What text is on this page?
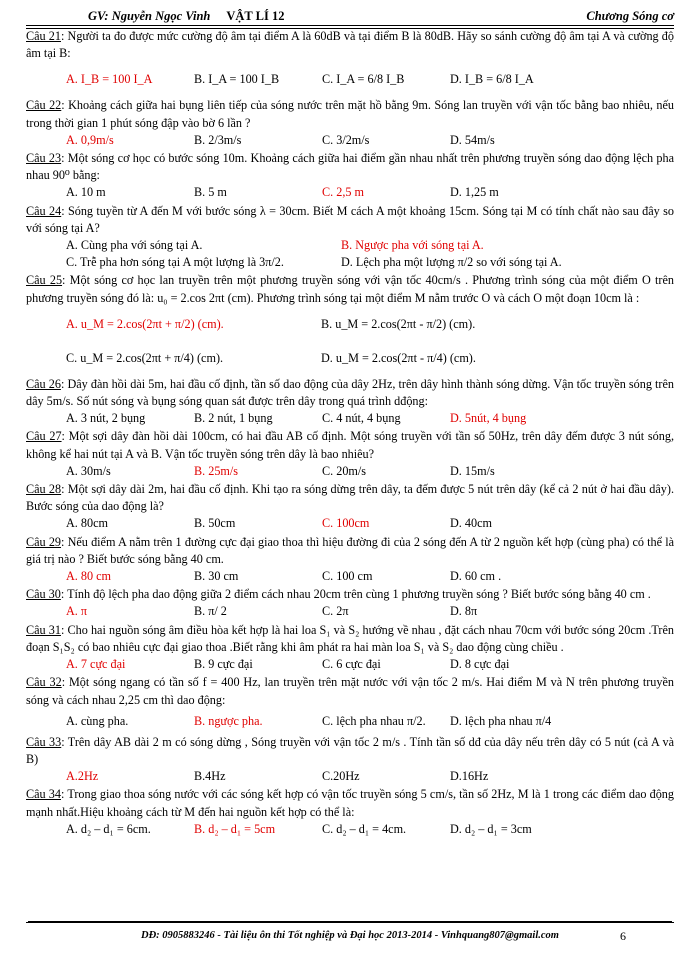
GV: Nguyễn Ngọc Vinh VẬT LÍ 12	Chương Sóng cơ
Câu 21: Người ta đo được mức cường độ âm tại điểm A là 60dB và tại điểm B là 80dB. Hãy so sánh cường độ âm tại A và cường độ âm tại B:
A. I_B = 100 I_A	B. I_A = 100 I_B	C. I_A = 6/8 I_B	D. I_B = 6/8 I_A
Câu 22: Khoảng cách giữa hai bụng liên tiếp của sóng nước trên mặt hồ bằng 9m. Sóng lan truyền với vận tốc bằng bao nhiêu, nếu trong thời gian 1 phút sóng đập vào bờ 6 lần ?
A. 0,9m/s	B. 2/3m/s	C. 3/2m/s	D. 54m/s
Câu 23: Một sóng cơ học có bước sóng 10m. Khoảng cách giữa hai điểm gần nhau nhất trên phương truyền sóng dao động lệch pha nhau 90⁰ bằng:
A. 10 m	B. 5 m	C. 2,5 m	D. 1,25 m
Câu 24: Sóng tuyền từ A đến M với bước sóng λ = 30cm. Biết M cách A một khoảng 15cm. Sóng tại M có tính chất nào sau đây so với sóng tại A?
A. Cùng pha với sóng tại A.	B. Ngược pha với sóng tại A.
C. Trễ pha hơn sóng tại A một lượng là 3π/2.	D. Lệch pha một lượng π/2 so với sóng tại A.
Câu 25: Một sóng cơ học lan truyền trên một phương truyền sóng với vận tốc 40cm/s . Phương trình sóng của một điểm O trên phương truyền sóng đó là: u₀ = 2.cos 2πt (cm). Phương trình sóng tại một điểm M nằm trước O và cách O một đoạn 10cm là :
A. u_M = 2.cos(2πt + π/2) (cm).	B. u_M = 2.cos(2πt - π/2) (cm).
C. u_M = 2.cos(2πt + π/4) (cm).	D. u_M = 2.cos(2πt - π/4) (cm).
Câu 26: Dây đàn hồi dài 5m, hai đầu cố định, tần số dao động của dây 2Hz, trên dây hình thành sóng dừng. Vận tốc truyền sóng trên dây 5m/s. Số nút sóng và bụng sóng quan sát được trên dây trong quá trình dđộng:
A. 3 nút, 2 bụng	B. 2 nút, 1 bụng	C. 4 nút, 4 bụng	D. 5nút, 4 bụng
Câu 27: Một sợi dây đàn hồi dài 100cm, có hai đầu AB cố định. Một sóng truyền với tần số 50Hz, trên dây đếm được 3 nút sóng, không kể hai nút tại A và B. Vận tốc truyền sóng trên dây là bao nhiêu?
A. 30m/s	B. 25m/s	C. 20m/s	D. 15m/s
Câu 28: Một sợi dây dài 2m, hai đầu cố định. Khi tạo ra sóng dừng trên dây, ta đếm được 5 nút trên dây (kể cả 2 nút ở hai đầu dây). Bước sóng của dao động là?
A. 80cm	B. 50cm	C. 100cm	D. 40cm
Câu 29: Nếu điểm A nằm trên 1 đường cực đại giao thoa thì hiệu đường đi của 2 sóng đến A từ 2 nguồn kết hợp (cùng pha) có thể là giá trị nào ? Biết bước sóng bằng 40 cm.
A. 80 cm	B. 30 cm	C. 100 cm	D. 60 cm .
Câu 30: Tính độ lệch pha dao động giữa 2 điểm cách nhau 20cm trên cùng 1 phương truyền sóng ? Biết bước sóng bằng 40 cm .
A. π	B. π/ 2	C. 2π	D. 8π
Câu 31: Cho hai nguồn sóng âm điều hòa kết hợp là hai loa S₁ và S₂ hướng về nhau , đặt cách nhau 70cm với bước sóng 20cm .Trên đoạn S₁S₂ có bao nhiêu cực đại giao thoa .Biết rằng khi âm phát ra hai màn loa S₁ và S₂ dao động cùng chiều .
A. 7 cực đại	B. 9 cực đại	C. 6 cực đại	D. 8 cực đại
Câu 32: Một sóng ngang có tần số f = 400 Hz, lan truyền trên mặt nước với vận tốc 2 m/s. Hai điểm M và N trên phương truyền sóng và cách nhau 2,25 cm thì dao động:
A. cùng pha.	B. ngược pha.	C. lệch pha nhau π/2.	D. lệch pha nhau π/4
Câu 33: Trên dây AB dài 2 m có sóng dừng , Sóng truyền với vận tốc 2 m/s . Tính tần số dđ của dây nếu trên dây có 5 nút (cả A và B)
A.2Hz	B.4Hz	C.20Hz	D.16Hz
Câu 34: Trong giao thoa sóng nước với các sóng kết hợp có vận tốc truyền sóng 5 cm/s, tần số 2Hz, M là 1 trong các điểm dao động mạnh nhất.Hiệu khoảng cách từ M đến hai nguồn kết hợp có thể là:
A. d₂ – d₁ = 6cm.	B. d₂ – d₁ = 5cm	C. d₂ – d₁ = 4cm.	D. d₂ – d₁ = 3cm
DĐ: 0905883246 - Tài liệu ôn thi Tốt nghiệp và Đại học 2013-2014 - Vinhquang807@gmail.com	6
